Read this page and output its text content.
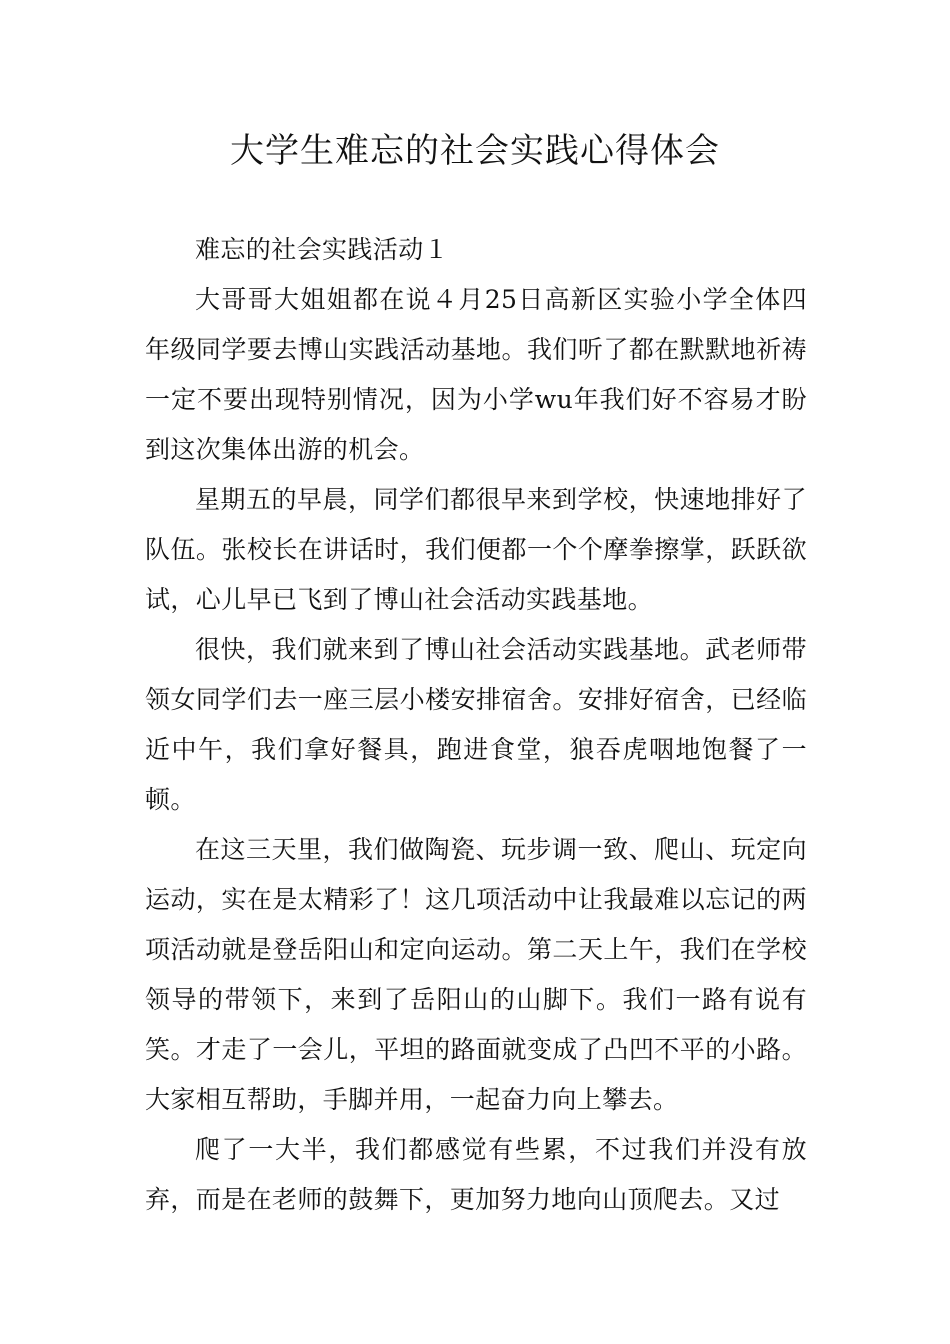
大学生难忘的社会实践心得体会

难忘的社会实践活动１

大哥哥大姐姐都在说４月25日高新区实验小学全体四年级同学要去博山实践活动基地。我们听了都在默默地祈祷一定不要出现特别情况，因为小学wu年我们好不容易才盼到这次集体出游的机会。

星期五的早晨，同学们都很早来到学校，快速地排好了队伍。张校长在讲话时，我们便都一个个摩拳擦掌，跃跃欲试，心儿早已飞到了博山社会活动实践基地。

很快，我们就来到了博山社会活动实践基地。武老师带领女同学们去一座三层小楼安排宿舍。安排好宿舍，已经临近中午，我们拿好餐具，跑进食堂，狼吞虎咽地饱餐了一顿。

在这三天里，我们做陶瓷、玩步调一致、爬山、玩定向运动，实在是太精彩了！这几项活动中让我最难以忘记的两项活动就是登岳阳山和定向运动。第二天上午，我们在学校领导的带领下，来到了岳阳山的山脚下。我们一路有说有笑。才走了一会儿，平坦的路面就变成了凸凹不平的小路。大家相互帮助，手脚并用，一起奋力向上攀去。

爬了一大半，我们都感觉有些累，不过我们并没有放弃，而是在老师的鼓舞下，更加努力地向山顶爬去。又过
